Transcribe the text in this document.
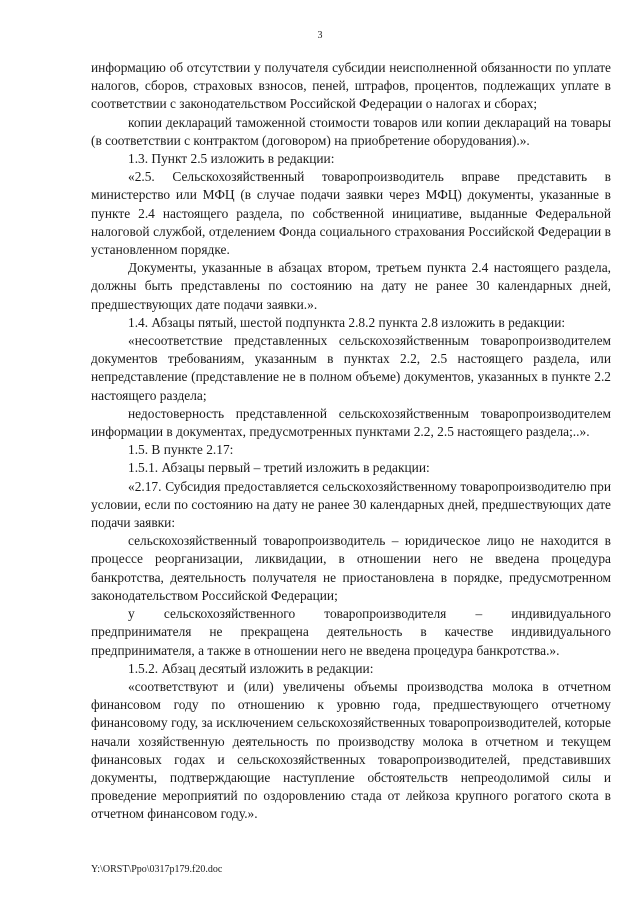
3

информацию об отсутствии у получателя субсидии неисполненной обязанности по уплате налогов, сборов, страховых взносов, пеней, штрафов, процентов, подлежащих уплате в соответствии с законодательством Российской Федерации о налогах и сборах;

копии деклараций таможенной стоимости товаров или копии деклараций на товары (в соответствии с контрактом (договором) на приобретение оборудования).».

1.3. Пункт 2.5 изложить в редакции:

«2.5. Сельскохозяйственный товаропроизводитель вправе представить в министерство или МФЦ (в случае подачи заявки через МФЦ) документы, указанные в пункте 2.4 настоящего раздела, по собственной инициативе, выданные Федеральной налоговой службой, отделением Фонда социального страхования Российской Федерации в установленном порядке.

Документы, указанные в абзацах втором, третьем пункта 2.4 настоящего раздела, должны быть представлены по состоянию на дату не ранее 30 календарных дней, предшествующих дате подачи заявки.».

1.4. Абзацы пятый, шестой подпункта 2.8.2 пункта 2.8 изложить в редакции:

«несоответствие представленных сельскохозяйственным товаропроизводителем документов требованиям, указанным в пунктах 2.2, 2.5 настоящего раздела, или непредставление (представление не в полном объеме) документов, указанных в пункте 2.2 настоящего раздела;

недостоверность представленной сельскохозяйственным товаропроизводителем информации в документах, предусмотренных пунктами 2.2, 2.5 настоящего раздела;..».

1.5. В пункте 2.17:

1.5.1. Абзацы первый – третий изложить в редакции:

«2.17. Субсидия предоставляется сельскохозяйственному товаропроизводителю при условии, если по состоянию на дату не ранее 30 календарных дней, предшествующих дате подачи заявки:

сельскохозяйственный товаропроизводитель – юридическое лицо не находится в процессе реорганизации, ликвидации, в отношении него не введена процедура банкротства, деятельность получателя не приостановлена в порядке, предусмотренном законодательством Российской Федерации;

у сельскохозяйственного товаропроизводителя – индивидуального предпринимателя не прекращена деятельность в качестве индивидуального предпринимателя, а также в отношении него не введена процедура банкротства.».

1.5.2. Абзац десятый изложить в редакции:

«соответствуют и (или) увеличены объемы производства молока в отчетном финансовом году по отношению к уровню года, предшествующего отчетному финансовому году, за исключением сельскохозяйственных товаропроизводителей, которые начали хозяйственную деятельность по производству молока в отчетном и текущем финансовых годах и сельскохозяйственных товаропроизводителей, представивших документы, подтверждающие наступление обстоятельств непреодолимой силы и проведение мероприятий по оздоровлению стада от лейкоза крупного рогатого скота в отчетном финансовом году.».

Y:\ORST\Ppo\0317p179.f20.doc
